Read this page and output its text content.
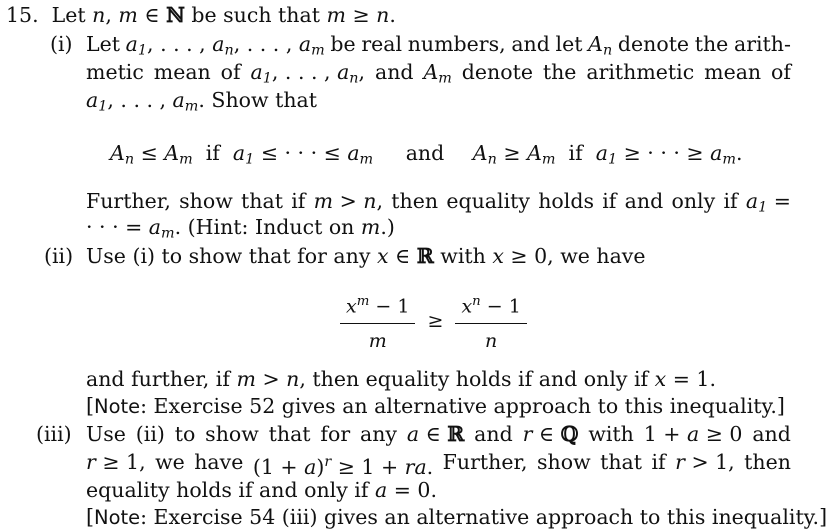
15.  Let n, m ∈ ℕ be such that m ≥ n.
(i) Let $a_1$, . . . , $a_n$, . . . , $a_m$ be real numbers, and let $A_n$ denote the arith-
metic mean of $a_1$, . . . , $a_n$, and $A_m$ denote the arithmetic mean of
$a_1$, . . . , $a_m$. Show that
$A_n \le A_m$  if  $a_1$ ≤ · · · ≤ $a_m$ and $A_n \ge A_m$  if  $a_1$ ≥ · · · ≥ $a_m$.
Further, show that if m > n, then equality holds if and only if $a_1$ =
· · · = $a_m$. (Hint: Induct on m.)
(ii) Use (i) to show that for any x ∈ ℝ with x ≥ 0, we have
$\frac{x^m - 1}{m} \ge \frac{x^n - 1}{n}$
and further, if m > n, then equality holds if and only if x = 1.
[Note: Exercise 52 gives an alternative approach to this inequality.]
(iii) Use (ii) to show that for any a ∈ ℝ and r ∈ ℚ with 1 + a ≥ 0 and
r ≥ 1, we have $(1 + a)^r \ge 1$ + ra. Further, show that if r > 1, then
equality holds if and only if a = 0.
[Note: Exercise 54 (iii) gives an alternative approach to this inequality.]
